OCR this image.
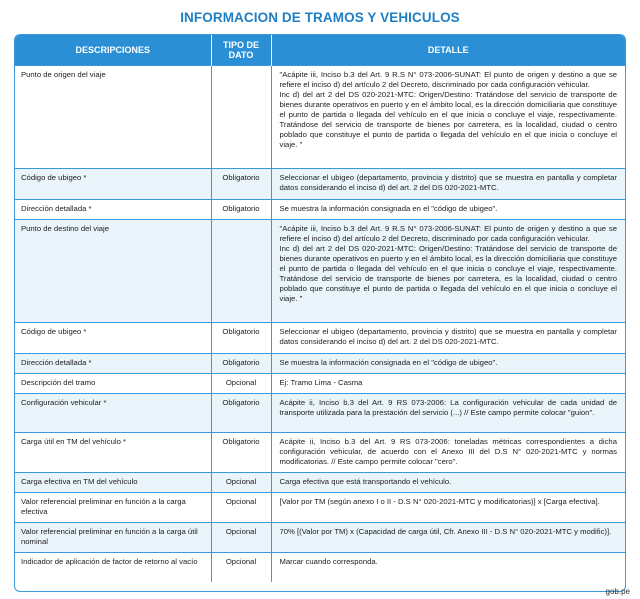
INFORMACION DE TRAMOS Y VEHICULOS
DESCRIPCIONES	TIPO DE DATO	DETALLE
Punto de origen del viaje		"Acápite iii, Inciso b.3 del Art. 9 R.S N° 073-2006-SUNAT: El punto de origen y destino a que se refiere el inciso d) del artículo 2 del Decreto, discriminado por cada configuración vehicular.
Inc d) del art 2 del DS 020-2021-MTC: Origen/Destino: Tratándose del servicio de transporte de bienes durante operativos en puerto y en el ámbito local, es la dirección domiciliaria que constituye el punto de partida o llegada del vehículo en el que inicia o concluye el viaje, respectivamente. Tratándose del servicio de transporte de bienes por carretera, es la localidad, ciudad o centro poblado que constituye el punto de partida o llegada del vehículo en el que inicia o concluye el viaje. "
Código de ubigeo *	Obligatorio	Seleccionar el ubigeo (departamento, provincia y distrito) que se muestra en pantalla y completar datos considerando el inciso d) del art. 2 del DS 020-2021-MTC.
Dirección detallada *	Obligatorio	Se muestra la información consignada en el "código de ubigeo".
Punto de destino del viaje		"Acápite iii, Inciso b.3 del Art. 9 R.S N° 073-2006-SUNAT: El punto de origen y destino a que se refiere el inciso d) del artículo 2 del Decreto, discriminado por cada configuración vehicular.
Inc d) del art 2 del DS 020-2021-MTC: Origen/Destino: Tratándose del servicio de transporte de bienes durante operativos en puerto y en el ámbito local, es la dirección domiciliaria que constituye el punto de partida o llegada del vehículo en el que inicia o concluye el viaje, respectivamente. Tratándose del servicio de transporte de bienes por carretera, es la localidad, ciudad o centro poblado que constituye el punto de partida o llegada del vehículo en el que inicia o concluye el viaje. "
Código de ubigeo *	Obligatorio	Seleccionar el ubigeo (departamento, provincia y distrito) que se muestra en pantalla y completar datos considerando el inciso d) del art. 2 del DS 020-2021-MTC.
Dirección detallada *	Obligatorio	Se muestra la información consignada en el "código de ubigeo".
Descripción del tramo	Opcional	Ej: Tramo Lima - Casma
Configuración vehicular *	Obligatorio	Acápite ii, Inciso b.3 del Art. 9 RS 073-2006: La configuración vehicular de cada unidad de transporte utilizada para la prestación del servicio (...) // Este campo permite colocar "guion".
Carga útil en TM del vehículo *	Obligatorio	Acápite ii, Inciso b.3 del Art. 9 RS 073-2006: toneladas métricas correspondientes a dicha configuración vehicular, de acuerdo con el Anexo III del D.S N° 020-2021-MTC y normas modificatorias. // Este campo permite colocar "cero".
Carga efectiva en TM del vehículo	Opcional	Carga efectiva que está transportando el vehículo.
Valor referencial preliminar en función a la carga efectiva	Opcional	[Valor por TM (según anexo I o II - D.S N° 020-2021-MTC y modificatorias)] x [Carga efectiva].
Valor referencial preliminar en función a la carga útil nominal	Opcional	70% [(Valor por TM) x (Capacidad de carga útil, Cfr. Anexo III - D.S N° 020-2021-MTC y modific)].
Indicador de aplicación de factor de retorno al vacío	Opcional	Marcar cuando corresponda.
gob.pe
